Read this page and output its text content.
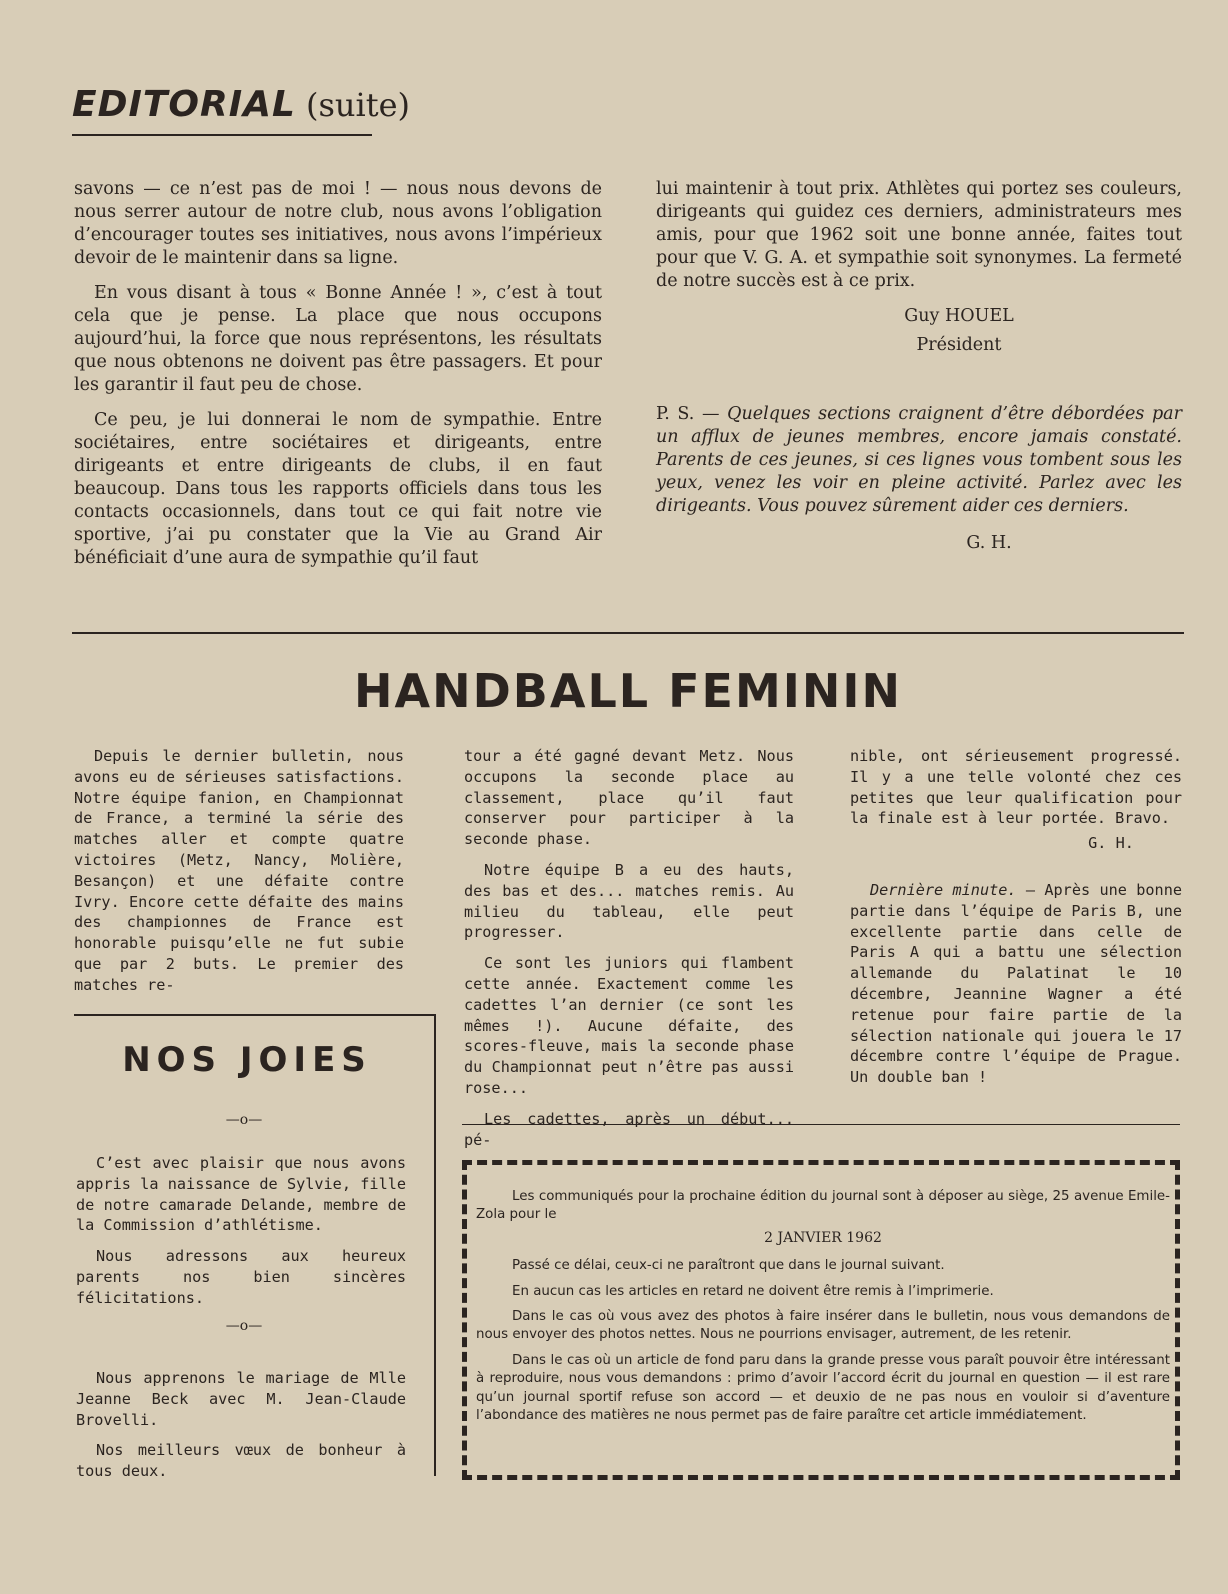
EDITORIAL (suite)

savons — ce n’est pas de moi ! — nous nous devons de nous serrer autour de notre club, nous avons l’obligation d’encourager toutes ses initiatives, nous avons l’impérieux devoir de le maintenir dans sa ligne.

En vous disant à tous « Bonne Année ! », c’est à tout cela que je pense. La place que nous occupons aujourd’hui, la force que nous représentons, les résultats que nous obtenons ne doivent pas être passagers. Et pour les garantir il faut peu de chose.

Ce peu, je lui donnerai le nom de sympathie. Entre sociétaires, entre sociétaires et dirigeants, entre dirigeants et entre dirigeants de clubs, il en faut beaucoup. Dans tous les rapports officiels dans tous les contacts occasionnels, dans tout ce qui fait notre vie sportive, j’ai pu constater que la Vie au Grand Air bénéficiait d’une aura de sympathie qu’il faut

lui maintenir à tout prix. Athlètes qui portez ses couleurs, dirigeants qui guidez ces derniers, administrateurs mes amis, pour que 1962 soit une bonne année, faites tout pour que V. G. A. et sympathie soit synonymes. La fermeté de notre succès est à ce prix.

Guy HOUEL
Président
P. S. — Quelques sections craignent d’être débordées par un afflux de jeunes membres, encore jamais constaté. Parents de ces jeunes, si ces lignes vous tombent sous les yeux, venez les voir en pleine activité. Parlez avec les dirigeants. Vous pouvez sûrement aider ces derniers.
G. H.
HANDBALL FEMININ

Depuis le dernier bulletin, nous avons eu de sérieuses satisfactions. Notre équipe fanion, en Championnat de France, a terminé la série des matches aller et compte quatre victoires (Metz, Nancy, Molière, Besançon) et une défaite contre Ivry. Encore cette défaite des mains des championnes de France est honorable puisqu’elle ne fut subie que par 2 buts. Le premier des matches re-

tour a été gagné devant Metz. Nous occupons la seconde place au classement, place qu’il faut conserver pour participer à la seconde phase.

Notre équipe B a eu des hauts, des bas et des... matches remis. Au milieu du tableau, elle peut progresser.

Ce sont les juniors qui flambent cette année. Exactement comme les cadettes l’an dernier (ce sont les mêmes !). Aucune défaite, des scores-fleuve, mais la seconde phase du Championnat peut n’être pas aussi rose...

Les cadettes, après un début... pé-

nible, ont sérieusement progressé. Il y a une telle volonté chez ces petites que leur qualification pour la finale est à leur portée. Bravo.

G. H.

Dernière minute. — Après une bonne partie dans l’équipe de Paris B, une excellente partie dans celle de Paris A qui a battu une sélection allemande du Palatinat le 10 décembre, Jeannine Wagner a été retenue pour faire partie de la sélection nationale qui jouera le 17 décembre contre l’équipe de Prague. Un double ban !

NOS JOIES
—o—

C’est avec plaisir que nous avons appris la naissance de Sylvie, fille de notre camarade Delande, membre de la Commission d’athlétisme.

Nous adressons aux heureux parents nos bien sincères félicitations.

—o—

Nous apprenons le mariage de Mlle Jeanne Beck avec M. Jean-Claude Brovelli.

Nos meilleurs vœux de bonheur à tous deux.

Les communiqués pour la prochaine édition du journal sont à déposer au siège, 25 avenue Emile-Zola pour le

2 JANVIER 1962

Passé ce délai, ceux-ci ne paraîtront que dans le journal suivant.

En aucun cas les articles en retard ne doivent être remis à l’imprimerie.

Dans le cas où vous avez des photos à faire insérer dans le bulletin, nous vous demandons de nous envoyer des photos nettes. Nous ne pourrions envisager, autrement, de les retenir.

Dans le cas où un article de fond paru dans la grande presse vous paraît pouvoir être intéressant à reproduire, nous vous demandons : primo d’avoir l’accord écrit du journal en question — il est rare qu’un journal sportif refuse son accord — et deuxio de ne pas nous en vouloir si d’aventure l’abondance des matières ne nous permet pas de faire paraître cet article immédiatement.
